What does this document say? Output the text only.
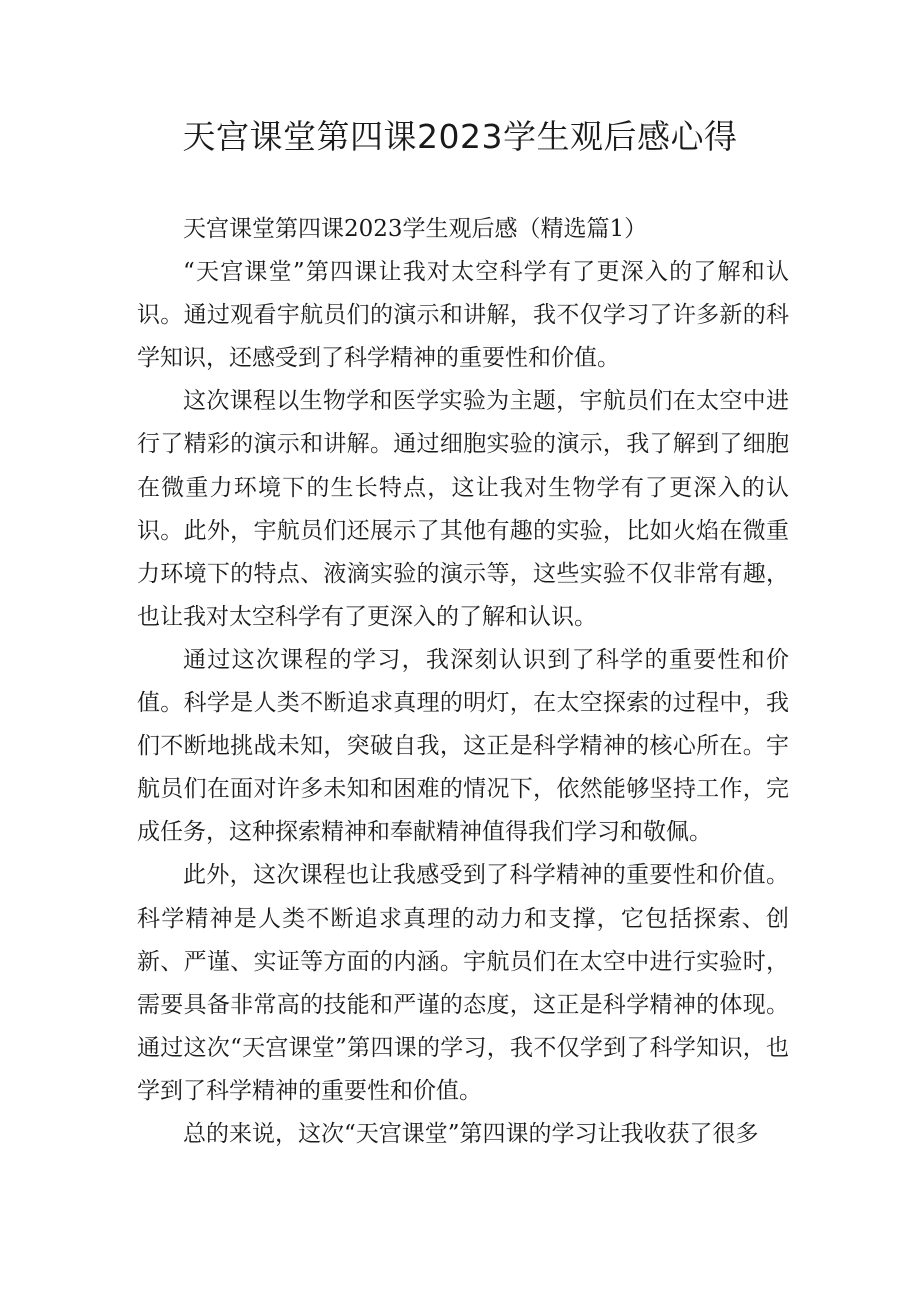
天宫课堂第四课2023学生观后感心得

天宫课堂第四课2023学生观后感（精选篇1）

“天宫课堂”第四课让我对太空科学有了更深入的了解和认识。通过观看宇航员们的演示和讲解，我不仅学习了许多新的科学知识，还感受到了科学精神的重要性和价值。

这次课程以生物学和医学实验为主题，宇航员们在太空中进行了精彩的演示和讲解。通过细胞实验的演示，我了解到了细胞在微重力环境下的生长特点，这让我对生物学有了更深入的认识。此外，宇航员们还展示了其他有趣的实验，比如火焰在微重力环境下的特点、液滴实验的演示等，这些实验不仅非常有趣，也让我对太空科学有了更深入的了解和认识。

通过这次课程的学习，我深刻认识到了科学的重要性和价值。科学是人类不断追求真理的明灯，在太空探索的过程中，我们不断地挑战未知，突破自我，这正是科学精神的核心所在。宇航员们在面对许多未知和困难的情况下，依然能够坚持工作，完成任务，这种探索精神和奉献精神值得我们学习和敬佩。

此外，这次课程也让我感受到了科学精神的重要性和价值。科学精神是人类不断追求真理的动力和支撑，它包括探索、创新、严谨、实证等方面的内涵。宇航员们在太空中进行实验时，需要具备非常高的技能和严谨的态度，这正是科学精神的体现。通过这次“天宫课堂”第四课的学习，我不仅学到了科学知识，也学到了科学精神的重要性和价值。

总的来说，这次“天宫课堂”第四课的学习让我收获了很多
